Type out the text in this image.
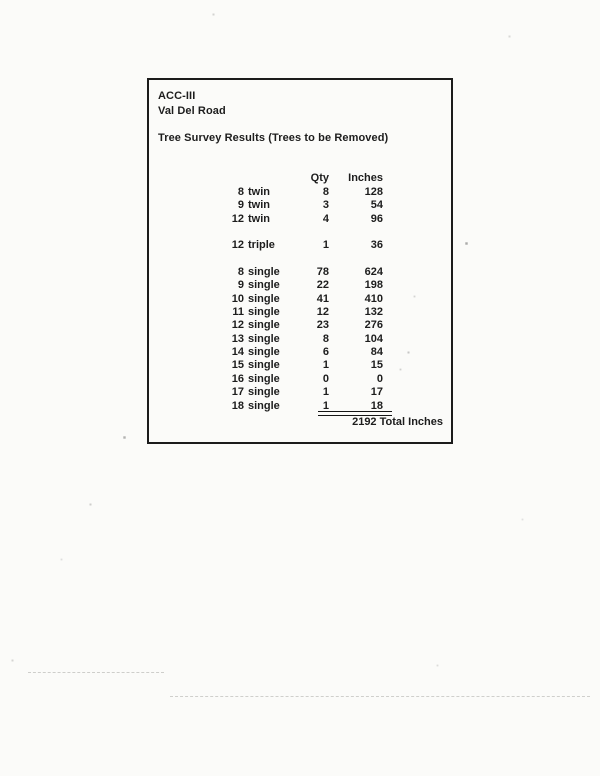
ACC-III
Val Del Road
Tree Survey Results (Trees to be Removed)
Qty	Inches
8 twin	8	128
9 twin	3	54
12 twin	4	96
12 triple	1	36
8 single	78	624
9 single	22	198
10 single	41	410
11 single	12	132
12 single	23	276
13 single	8	104
14 single	6	84
15 single	1	15
16 single	0	0
17 single	1	17
18 single	1	18
2192 Total Inches
